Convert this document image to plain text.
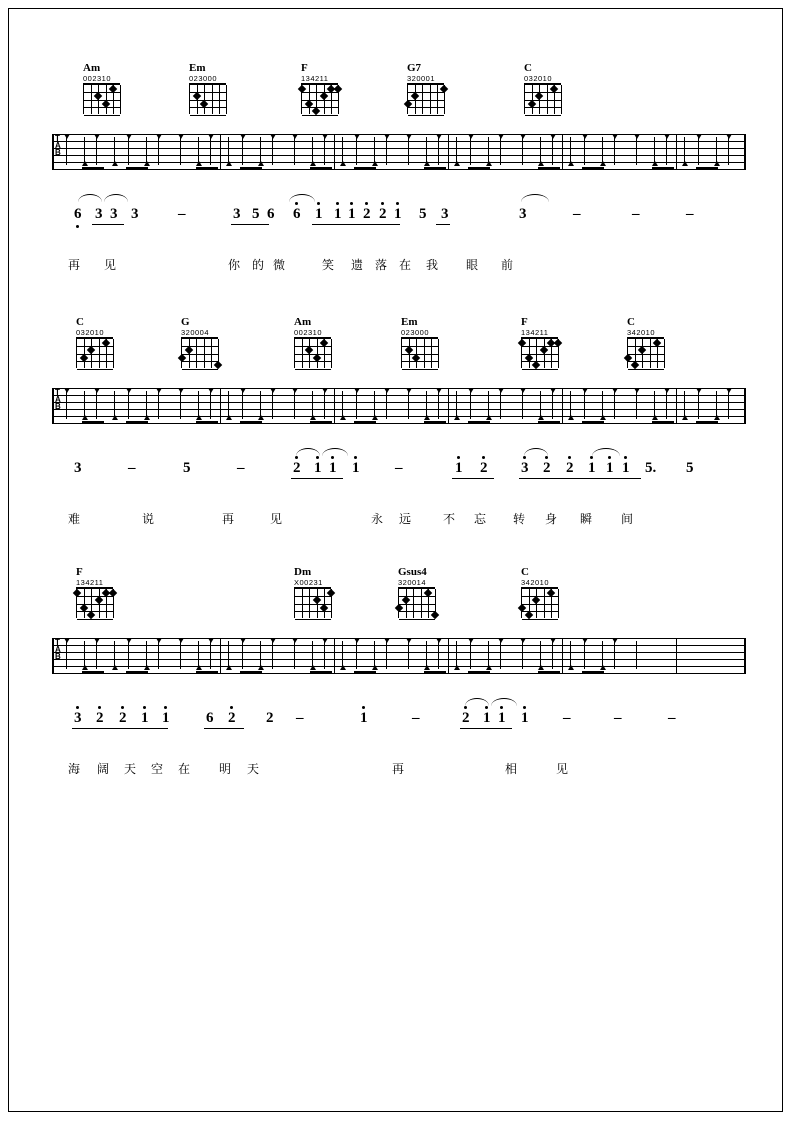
Am
002310
Em
023000
F
134211
G7
320001
C
032010
T
A
B
6 3 3 3	–	3 5 6 6 1 1 1 2 2 1 5 3	3	–	–	–
再 见	你 的 微	笑 遗 落 在 我 眼 前
C
032010
G
320004
Am
002310
Em
023000
F
134211
C
342010
T
A
B
3	–	5	–	2 1 1 1 –	1 2 3 2 2 1 1 1 5. 5
难	说	再	见	永 远	不 忘 转 身 瞬 间
F
134211
Dm
X00231
Gsus4
320014
C
342010
T
A
B
3 2 2 1 1 6 2 2 –	1	–	2 1 1 1 –	–	–
海 阔 天 空 在 明 天	再	相	见
